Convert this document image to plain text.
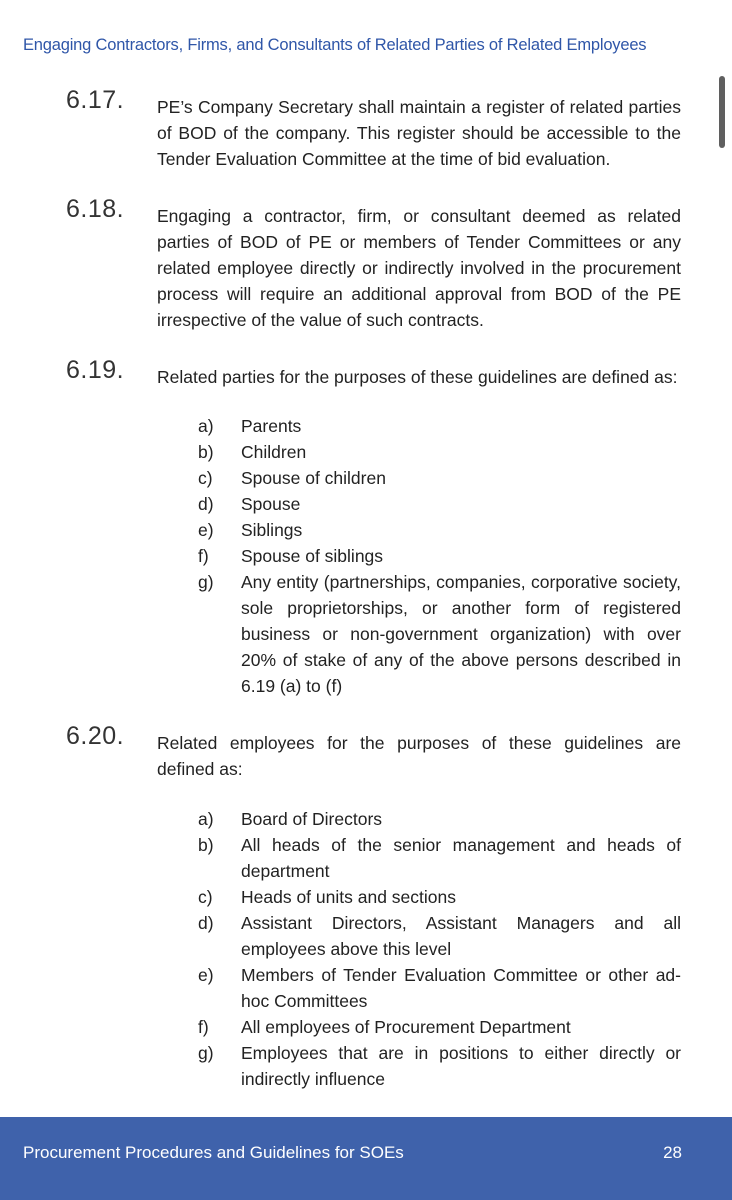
Engaging Contractors, Firms, and Consultants of Related Parties of Related Employees
6.17. PE’s Company Secretary shall maintain a register of related parties of BOD of the company. This register should be accessible to the Tender Evaluation Committee at the time of bid evaluation.
6.18. Engaging a contractor, firm, or consultant deemed as related parties of BOD of PE or members of Tender Committees or any related employee directly or indirectly involved in the procurement process will require an additional approval from BOD of the PE irrespective of the value of such contracts.
6.19. Related parties for the purposes of these guidelines are defined as:
a) Parents
b) Children
c) Spouse of children
d) Spouse
e) Siblings
f) Spouse of siblings
g) Any entity (partnerships, companies, corporative society, sole proprietorships, or another form of registered business or non-government organization) with over 20% of stake of any of the above persons described in 6.19 (a) to (f)
6.20. Related employees for the purposes of these guidelines are defined as:
a) Board of Directors
b) All heads of the senior management and heads of department
c) Heads of units and sections
d) Assistant Directors, Assistant Managers and all employees above this level
e) Members of Tender Evaluation Committee or other ad-hoc Committees
f) All employees of Procurement Department
g) Employees that are in positions to either directly or indirectly influence
Procurement Procedures and Guidelines for SOEs	28
